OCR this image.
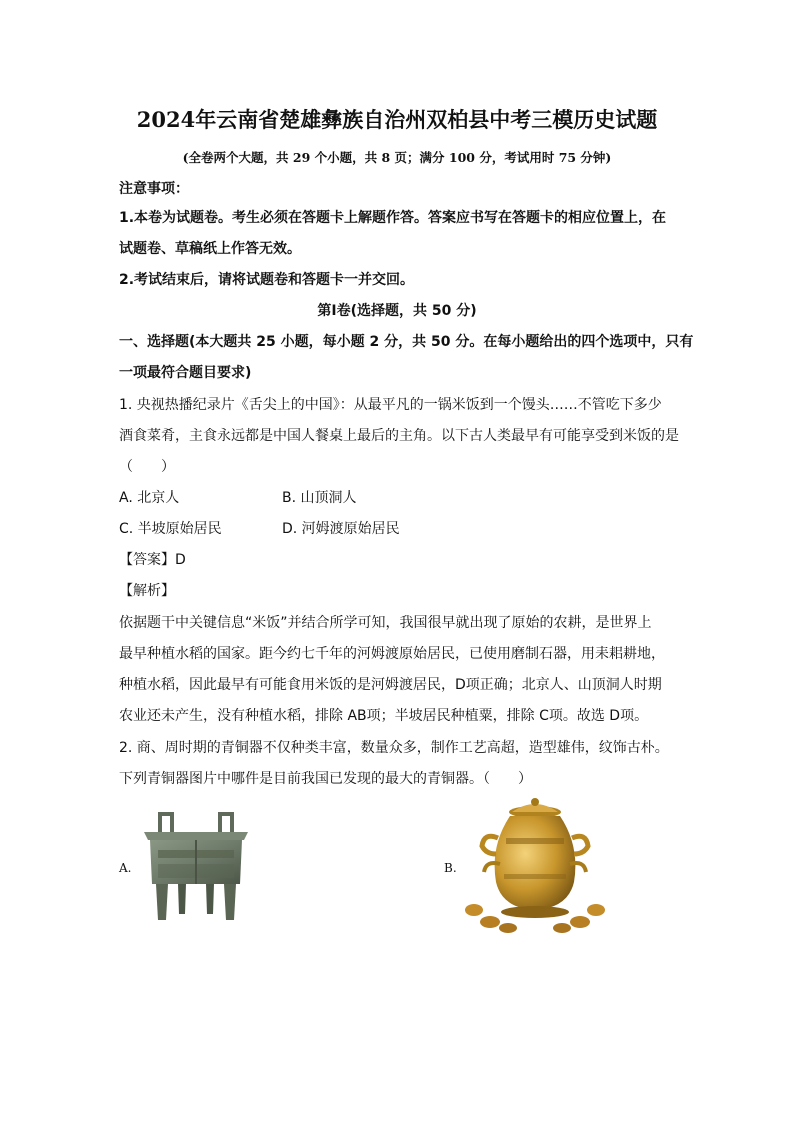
2024年云南省楚雄彝族自治州双柏县中考三模历史试题
(全卷两个大题，共 29 个小题，共 8 页；满分 100 分，考试用时 75 分钟)
注意事项：
1.本卷为试题卷。考生必须在答题卡上解题作答。答案应书写在答题卡的相应位置上，在
试题卷、草稿纸上作答无效。
2.考试结束后，请将试题卷和答题卡一并交回。
第Ⅰ卷(选择题，共 50 分)
一、选择题(本大题共 25 小题，每小题 2 分，共 50 分。在每小题给出的四个选项中，只有
一项最符合题目要求)
1. 央视热播纪录片《舌尖上的中国》：从最平凡的一锅米饭到一个馒头……不管吃下多少
酒食菜肴，主食永远都是中国人餐桌上最后的主角。以下古人类最早有可能享受到米饭的是
（　　）
A. 北京人	B. 山顶洞人
C. 半坡原始居民	D. 河姆渡原始居民
【答案】D
【解析】
依据题干中关键信息“米饭”并结合所学可知，我国很早就出现了原始的农耕，是世界上
最早种植水稻的国家。距今约七千年的河姆渡原始居民，已使用磨制石器，用耒耜耕地，
种植水稻，因此最早有可能食用米饭的是河姆渡居民，D项正确；北京人、山顶洞人时期
农业还未产生，没有种植水稻，排除 AB项；半坡居民种植粟，排除 C项。故选 D项。
2. 商、周时期的青铜器不仅种类丰富，数量众多，制作工艺高超，造型雄伟，纹饰古朴。
下列青铜器图片中哪件是目前我国已发现的最大的青铜器。（　　）
A.	B.
